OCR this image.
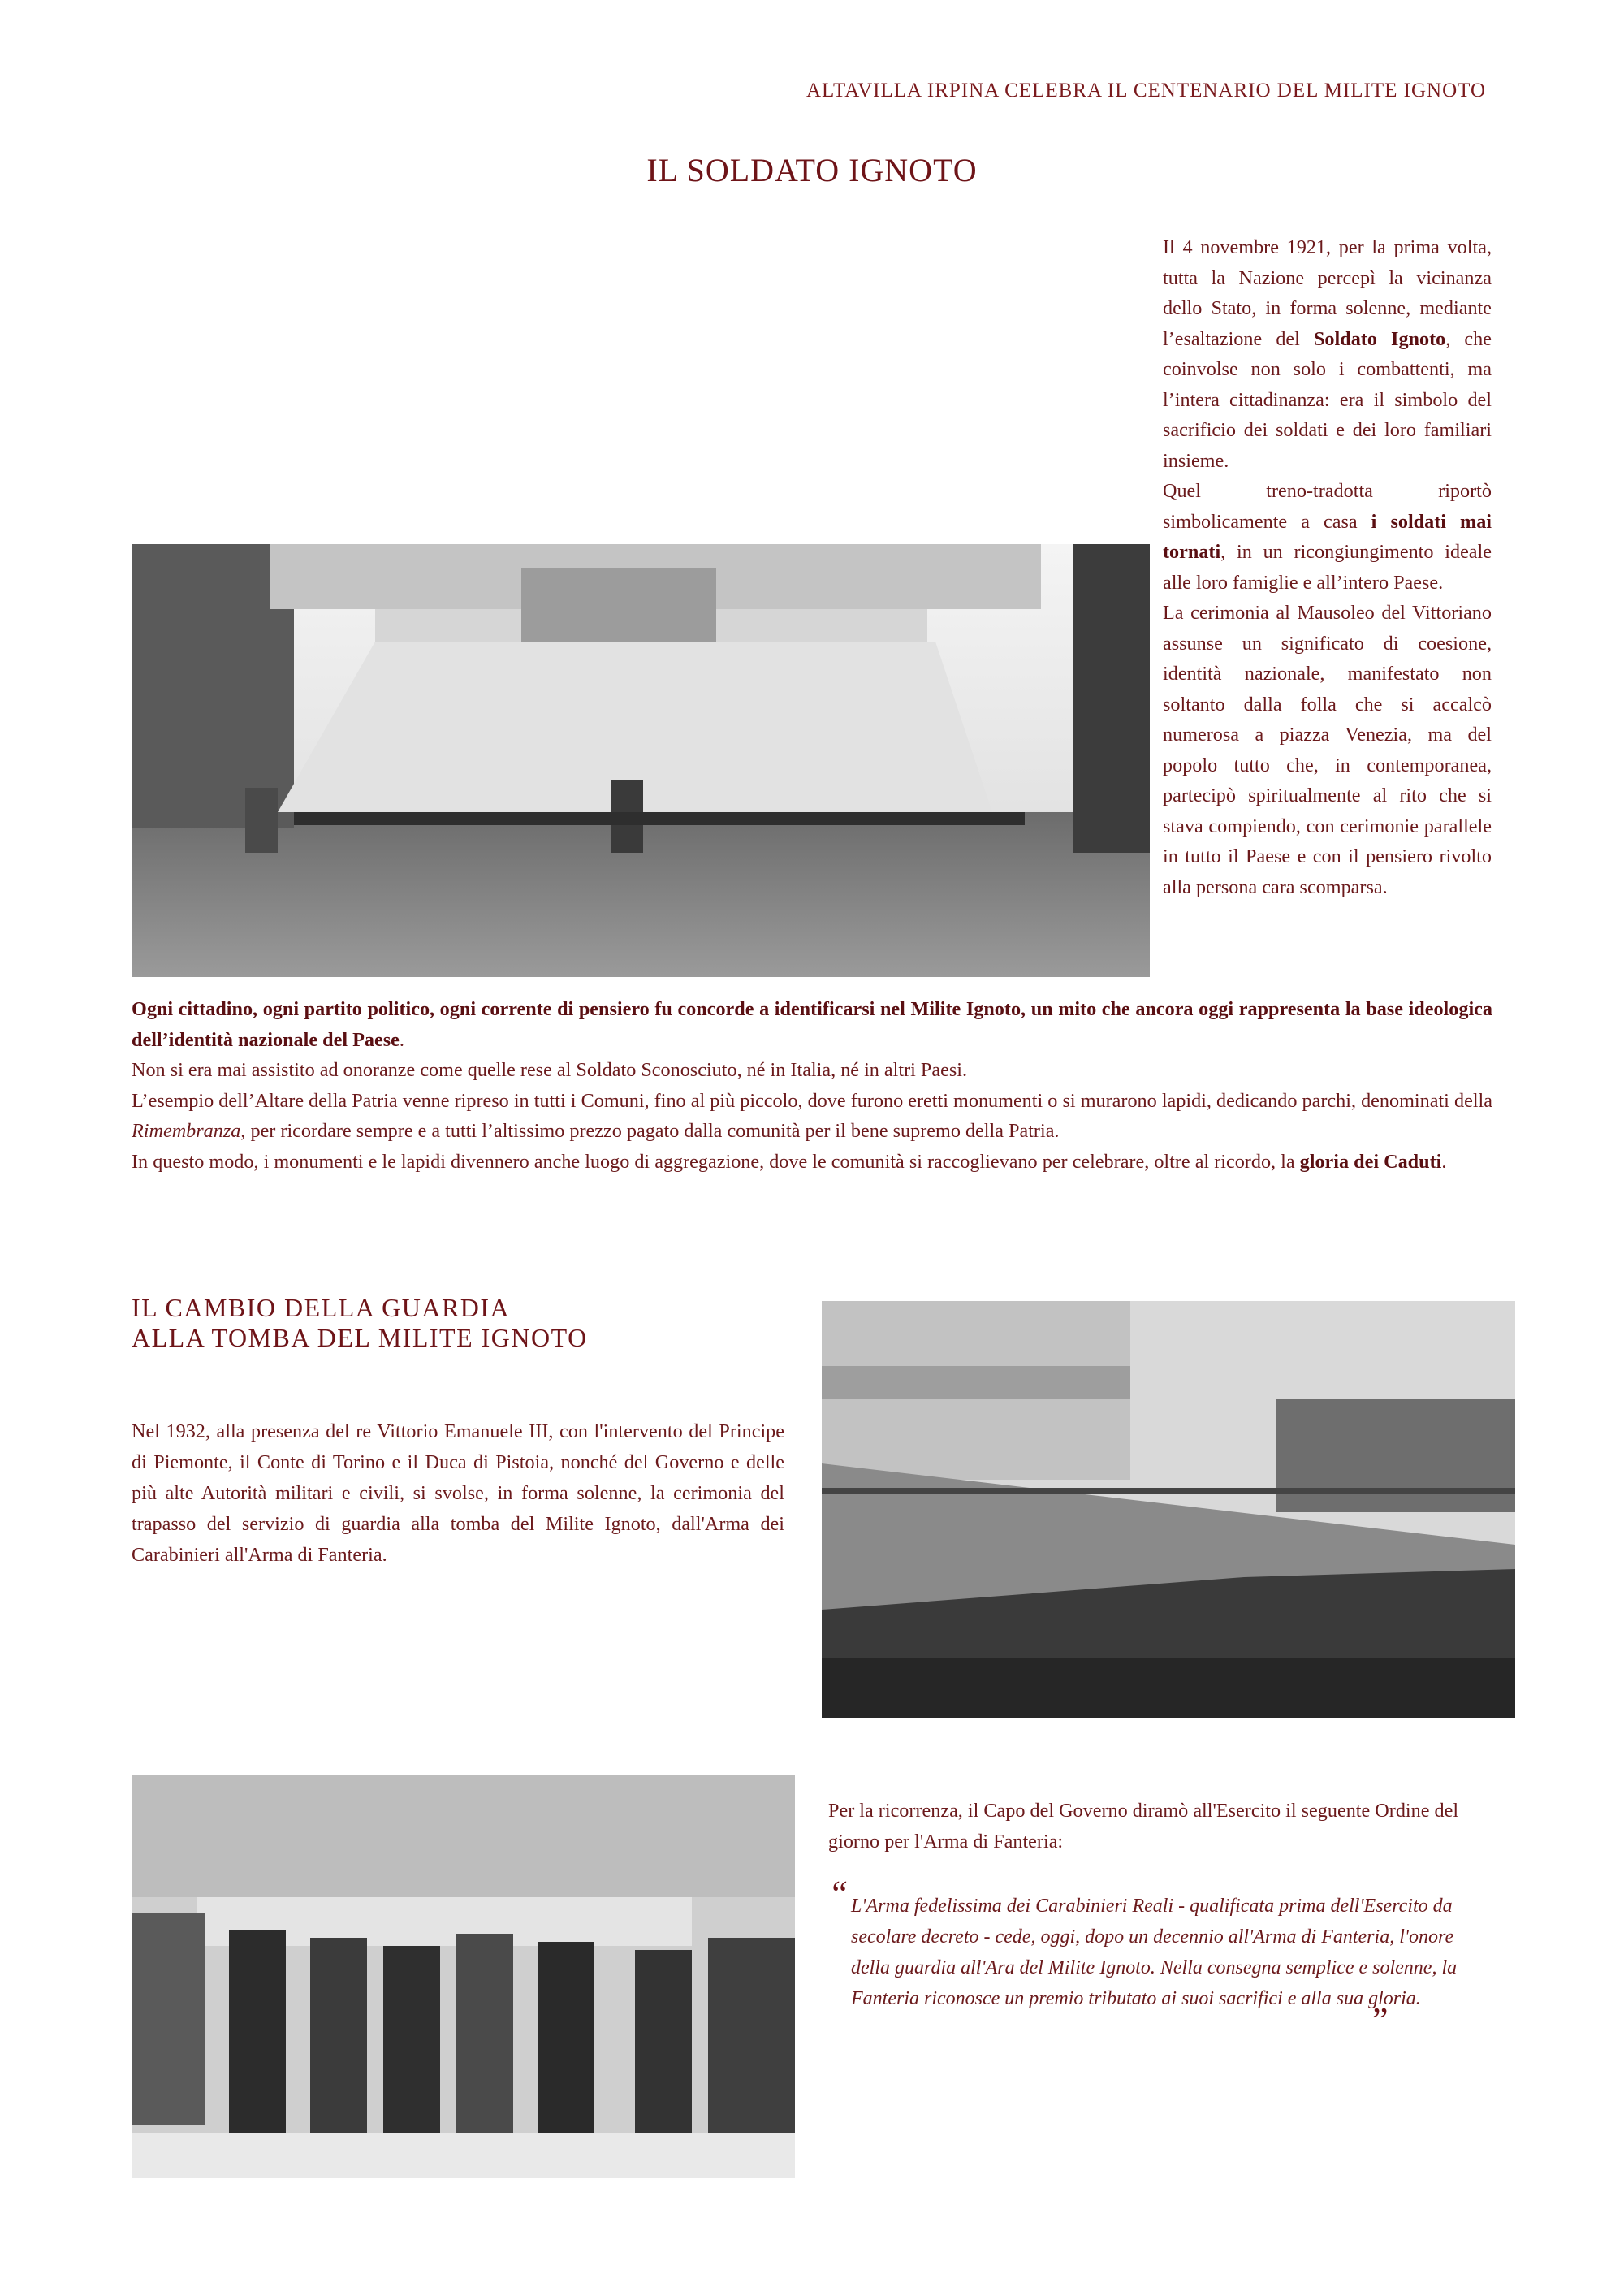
ALTAVILLA IRPINA CELEBRA IL CENTENARIO DEL MILITE IGNOTO
IL SOLDATO IGNOTO

Il 4 novembre 1921, per la prima volta, tutta la Nazione percepì la vicinanza dello Stato, in forma solenne, mediante l’esaltazione del Soldato Ignoto, che coinvolse non solo i combattenti, ma l’intera cittadinanza: era il simbolo del sacrificio dei soldati e dei loro familiari insieme.

Quel treno-tradotta riportò simbolicamente a casa i soldati mai tornati, in un ricongiungimento ideale alle loro famiglie e all’intero Paese.

La cerimonia al Mausoleo del Vittoriano assunse un significato di coesione, identità nazionale, manifestato non soltanto dalla folla che si accalcò numerosa a piazza Venezia, ma del popolo tutto che, in contemporanea, partecipò spiritualmente al rito che si stava compiendo, con cerimonie parallele in tutto il Paese e con il pensiero rivolto alla persona cara scomparsa.

Ogni cittadino, ogni partito politico, ogni corrente di pensiero fu concorde a identificarsi nel Milite Ignoto, un mito che ancora oggi rappresenta la base ideologica dell’identità nazionale del Paese.

Non si era mai assistito ad onoranze come quelle rese al Soldato Sconosciuto, né in Italia, né in altri Paesi.

L’esempio dell’Altare della Patria venne ripreso in tutti i Comuni, fino al più piccolo, dove furono eretti monumenti o si murarono lapidi, dedicando parchi, denominati della Rimembranza, per ricordare sempre e a tutti l’altissimo prezzo pagato dalla comunità per il bene supremo della Patria.

In questo modo, i monumenti e le lapidi divennero anche luogo di aggregazione, dove le comunità si raccoglievano per celebrare, oltre al ricordo, la gloria dei Caduti.

IL CAMBIO DELLA GUARDIA
ALLA TOMBA DEL MILITE IGNOTO
Nel 1932, alla presenza del re Vittorio Emanuele III, con l'intervento del Principe di Piemonte, il Conte di Torino e il Duca di Pistoia, nonché del Governo e delle più alte Autorità militari e civili, si svolse, in forma solenne, la cerimonia del trapasso del servizio di guardia alla tomba del Milite Ignoto, dall'Arma dei Carabinieri all'Arma di Fanteria.
Per la ricorrenza, il Capo del Governo diramò all'Esercito il seguente Ordine del giorno per l'Arma di Fanteria:
“ L'Arma fedelissima dei Carabinieri Reali - qualificata prima dell'Esercito da secolare decreto - cede, oggi, dopo un decennio all'Arma di Fanteria, l'onore della guardia all'Ara del Milite Ignoto. Nella consegna semplice e solenne, la Fanteria riconosce un premio tributato ai suoi sacrifici e alla sua gloria.
”
